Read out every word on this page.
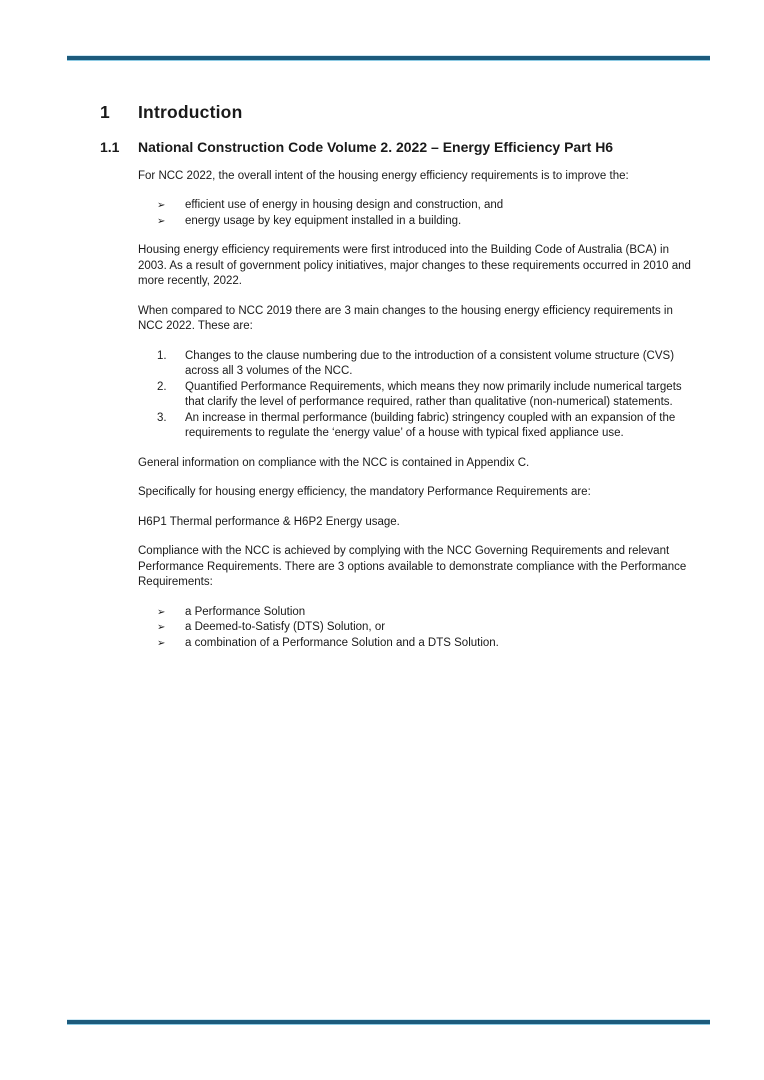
1	Introduction
1.1	National Construction Code Volume 2. 2022 – Energy Efficiency Part H6

For NCC 2022, the overall intent of the housing energy efficiency requirements is to improve the:

➢	efficient use of energy in housing design and construction, and
➢	energy usage by key equipment installed in a building.

Housing energy efficiency requirements were first introduced into the Building Code of Australia (BCA) in 2003. As a result of government policy initiatives, major changes to these requirements occurred in 2010 and more recently, 2022.

When compared to NCC 2019 there are 3 main changes to the housing energy efficiency requirements in NCC 2022. These are:

1.	Changes to the clause numbering due to the introduction of a consistent volume structure (CVS) across all 3 volumes of the NCC.
2.	Quantified Performance Requirements, which means they now primarily include numerical targets that clarify the level of performance required, rather than qualitative (non-numerical) statements.
3.	An increase in thermal performance (building fabric) stringency coupled with an expansion of the requirements to regulate the ‘energy value’ of a house with typical fixed appliance use.

General information on compliance with the NCC is contained in Appendix C.

Specifically for housing energy efficiency, the mandatory Performance Requirements are:

H6P1 Thermal performance & H6P2 Energy usage.

Compliance with the NCC is achieved by complying with the NCC Governing Requirements and relevant Performance Requirements. There are 3 options available to demonstrate compliance with the Performance Requirements:

➢	a Performance Solution
➢	a Deemed-to-Satisfy (DTS) Solution, or
➢	a combination of a Performance Solution and a DTS Solution.
